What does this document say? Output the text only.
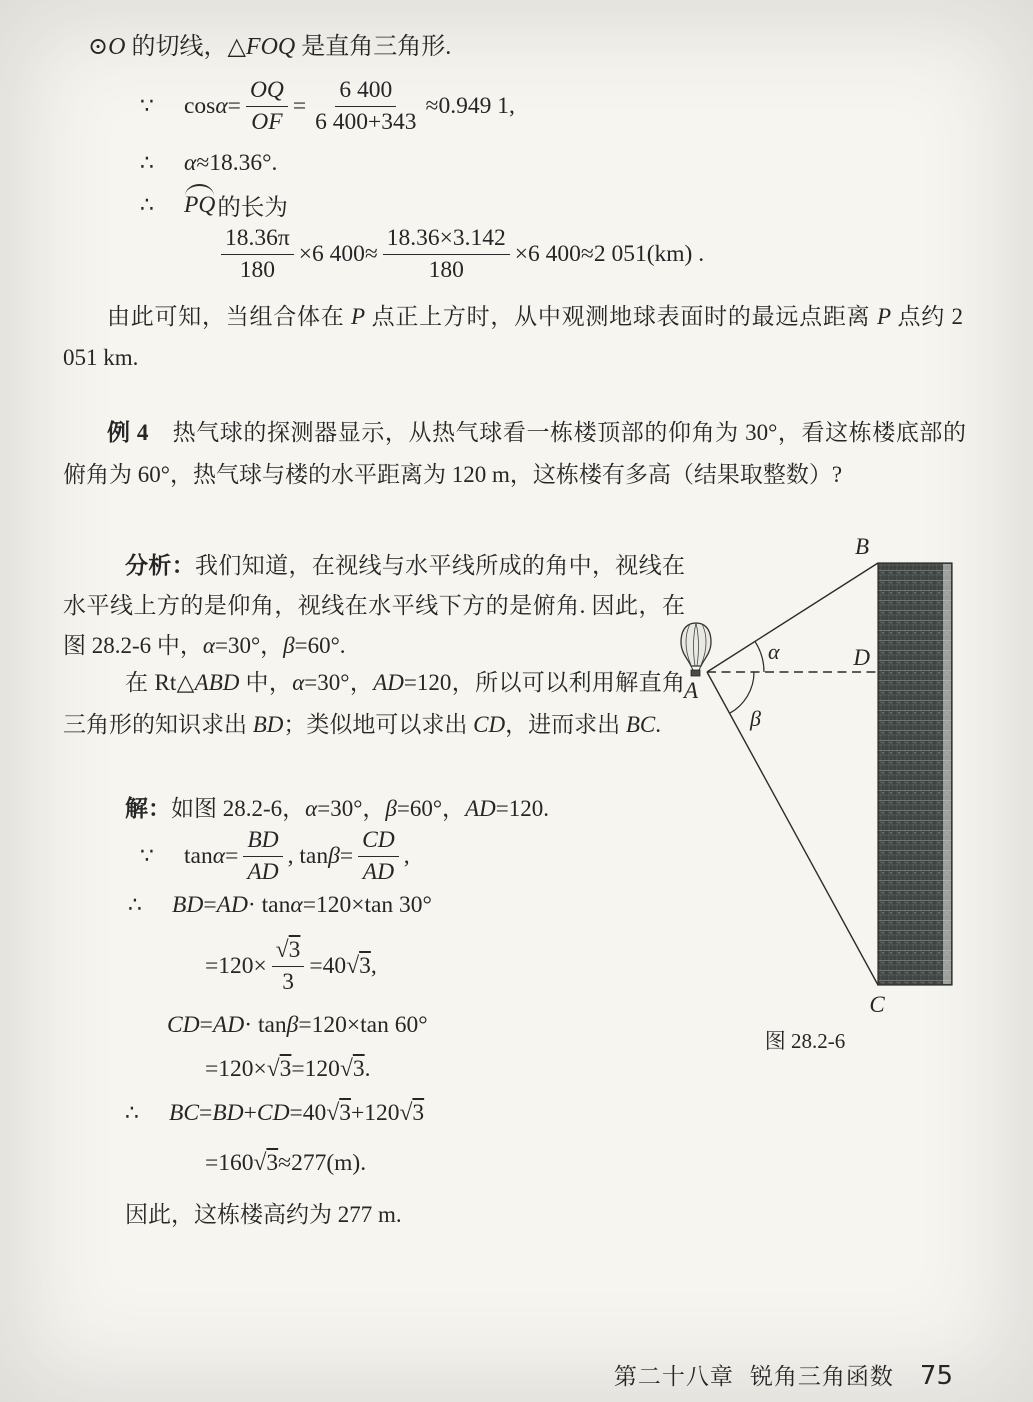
⊙O 的切线，△FOQ 是直角三角形.

∵ $\cos \alpha = \frac{OQ}{OF} = \frac{6 400}{6 400+343} \approx 0.949$ 1,
∴ α ≈18.36°.
∴ PQ 的长为
$\frac{18.36\pi}{180} \times 6$ $400\approx \frac{18.36\times 3.142}{180} \times 6$ 400≈2 051(km) .

由此可知，当组合体在 P 点正上方时，从中观测地球表面时的最远点距离 P 点约 2 051 km.

例 4　热气球的探测器显示，从热气球看一栋楼顶部的仰角为 30°，看这栋楼底部的俯角为 60°，热气球与楼的水平距离为 120 m，这栋楼有多高（结果取整数）?

分析：我们知道，在视线与水平线所成的角中，视线在水平线上方的是仰角，视线在水平线下方的是俯角. 因此，在图 28.2-6 中，α=30°，β=60°.

在 Rt△ABD 中，α=30°，AD=120，所以可以利用解直角三角形的知识求出 BD；类似地可以求出 CD，进而求出 BC.

解：如图 28.2-6，α=30°，β=60°，AD=120.

∵ $\tan \alpha = \frac{BD}{AD}$ , $\tan \beta = \frac{CD}{AD}$ ,
∴ BD = AD · tan α =120×tan 30°
$=120\times \frac{√3}{3} =40$ √3 ,
CD = AD · tan β =120×tan 60°
=120× √3 =120 √3 .
∴ BC = BD + CD =40 √3 +120 √3
=160 √3 ≈277(m).

因此，这栋楼高约为 277 m.

B
D
A
C
α
β
图 28.2-6
第二十八章 锐角三角函数 75
